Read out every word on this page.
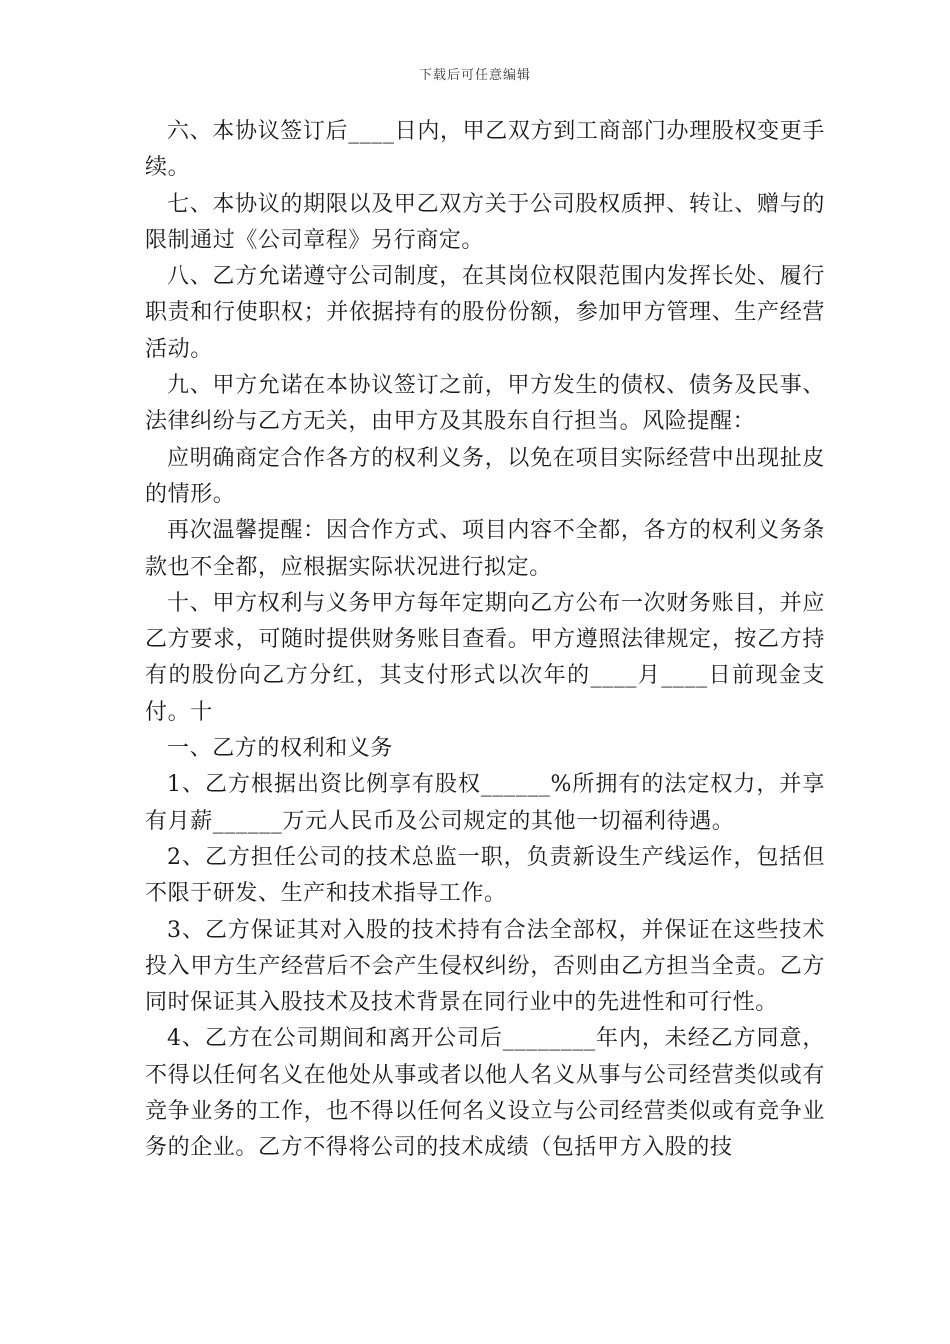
下载后可任意编辑

六、本协议签订后____日内，甲乙双方到工商部门办理股权变更手续。

七、本协议的期限以及甲乙双方关于公司股权质押、转让、赠与的限制通过《公司章程》另行商定。

八、乙方允诺遵守公司制度，在其岗位权限范围内发挥长处、履行职责和行使职权；并依据持有的股份份额，参加甲方管理、生产经营活动。

九、甲方允诺在本协议签订之前，甲方发生的债权、债务及民事、法律纠纷与乙方无关，由甲方及其股东自行担当。风险提醒：

应明确商定合作各方的权利义务，以免在项目实际经营中出现扯皮的情形。

再次温馨提醒：因合作方式、项目内容不全都，各方的权利义务条款也不全都，应根据实际状况进行拟定。

十、甲方权利与义务甲方每年定期向乙方公布一次财务账目，并应乙方要求，可随时提供财务账目查看。甲方遵照法律规定，按乙方持有的股份向乙方分红，其支付形式以次年的____月____日前现金支付。十

一、乙方的权利和义务

1、乙方根据出资比例享有股权______%所拥有的法定权力，并享有月薪______万元人民币及公司规定的其他一切福利待遇。

2、乙方担任公司的技术总监一职，负责新设生产线运作，包括但不限于研发、生产和技术指导工作。

3、乙方保证其对入股的技术持有合法全部权，并保证在这些技术投入甲方生产经营后不会产生侵权纠纷，否则由乙方担当全责。乙方同时保证其入股技术及技术背景在同行业中的先进性和可行性。

4、乙方在公司期间和离开公司后________年内，未经乙方同意，不得以任何名义在他处从事或者以他人名义从事与公司经营类似或有竞争业务的工作，也不得以任何名义设立与公司经营类似或有竞争业务的企业。乙方不得将公司的技术成绩（包括甲方入股的技
